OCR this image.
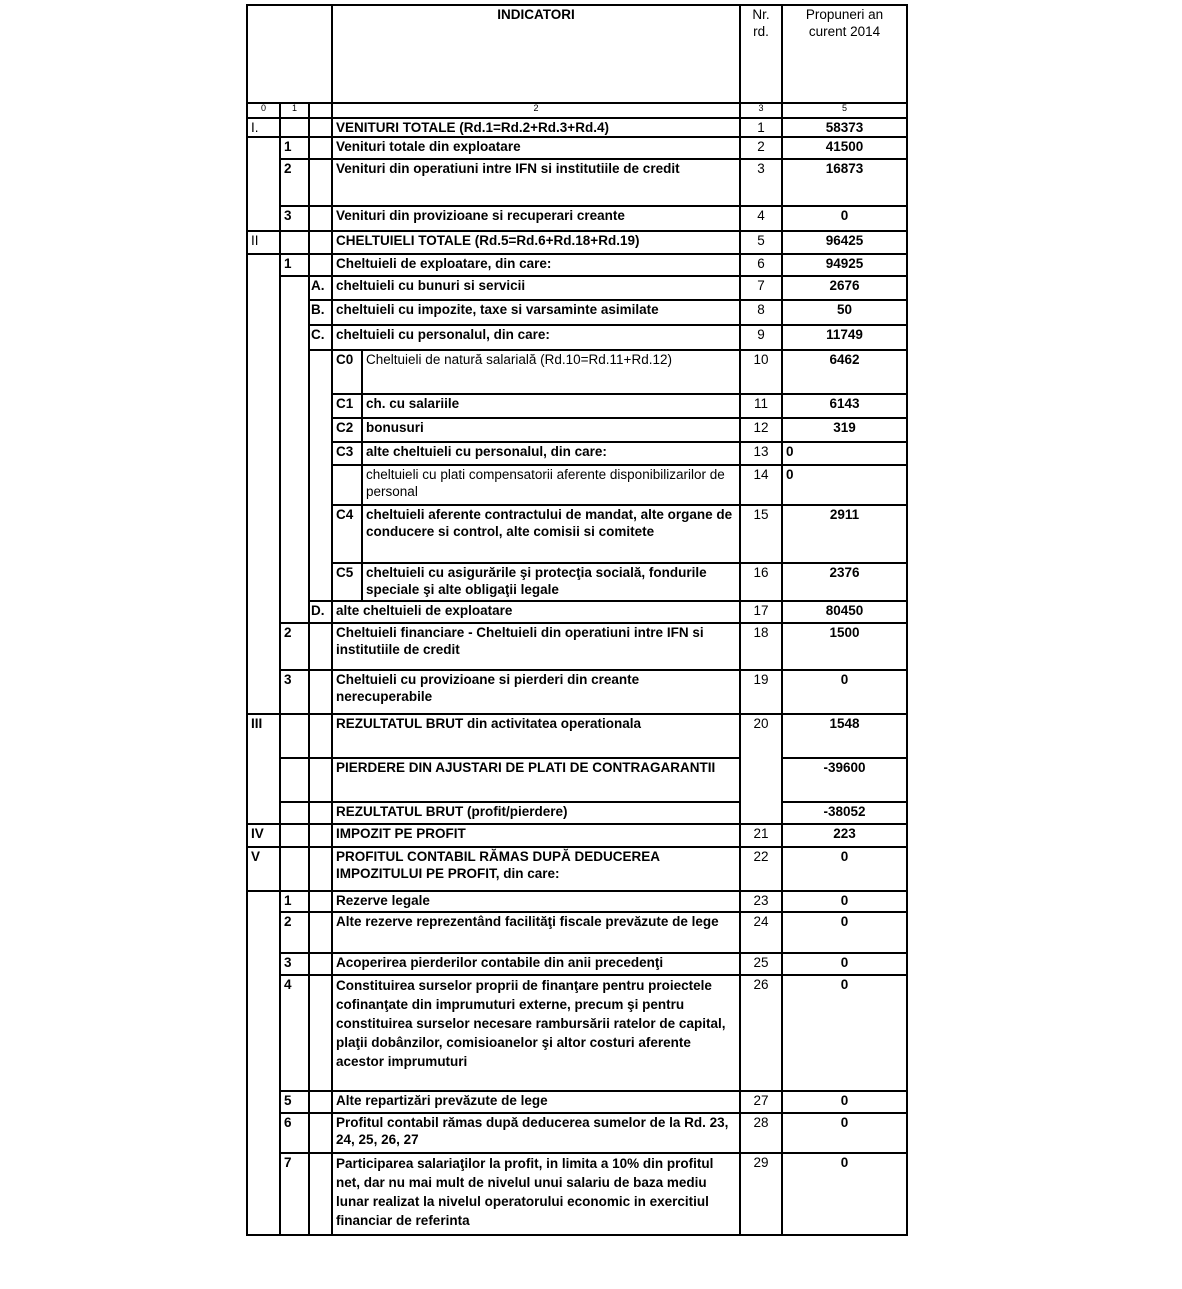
			INDICATORI		Nr. rd.	Propuneri an curent 2014
0	1		2		3	5
I.			VENITURI TOTALE (Rd.1=Rd.2+Rd.3+Rd.4)		1	58373
	1		Venituri totale din exploatare		2	41500
	2		Venituri din operatiuni intre IFN si institutiile de credit		3	16873
	3		Venituri din provizioane si recuperari creante		4	0
II			CHELTUIELI TOTALE (Rd.5=Rd.6+Rd.18+Rd.19)		5	96425
	1		Cheltuieli de exploatare, din care:		6	94925
		A.	cheltuieli cu bunuri si servicii		7	2676
		B.	cheltuieli cu impozite, taxe si varsaminte asimilate		8	50
		C.	cheltuieli cu personalul, din care:		9	11749
			C0	Cheltuieli de natură salarială (Rd.10=Rd.11+Rd.12)	10	6462
			C1	ch. cu salariile	11	6143
			C2	bonusuri	12	319
			C3	alte cheltuieli cu personalul, din care:	13	0
				cheltuieli cu plati compensatorii aferente disponibilizarilor de personal	14	0
			C4	cheltuieli aferente contractului de mandat, alte organe de conducere si control, alte comisii si comitete	15	2911
			C5	cheltuieli cu asigurările şi protecţia socială, fondurile speciale şi alte obligaţii legale	16	2376
		D.	alte cheltuieli de exploatare		17	80450
	2		Cheltuieli financiare - Cheltuieli din operatiuni intre IFN si institutiile de credit		18	1500
	3		Cheltuieli cu provizioane si pierderi din creante nerecuperabile		19	0
III			REZULTATUL BRUT din activitatea operationala		20	1548
			PIERDERE DIN AJUSTARI DE PLATI DE CONTRAGARANTII			-39600
			REZULTATUL BRUT (profit/pierdere)			-38052
IV			IMPOZIT PE PROFIT		21	223
V			PROFITUL CONTABIL RĂMAS DUPĂ DEDUCEREA IMPOZITULUI PE PROFIT, din care:		22	0
	1		Rezerve legale		23	0
	2		Alte rezerve reprezentând facilităţi fiscale prevăzute de lege		24	0
	3		Acoperirea pierderilor contabile din anii precedenţi		25	0
	4		Constituirea surselor proprii de finanţare pentru proiectele cofinanţate din imprumuturi externe, precum şi pentru constituirea surselor necesare rambursării ratelor de capital, plaţii dobânzilor, comisioanelor şi altor costuri aferente acestor imprumuturi		26	0
	5		Alte repartizări prevăzute de lege		27	0
	6		Profitul contabil rămas după deducerea sumelor de la Rd. 23, 24, 25, 26, 27		28	0
	7		Participarea salariaţilor la profit, in limita a 10% din profitul net, dar nu mai mult de nivelul unui salariu de baza mediu lunar realizat la nivelul operatorului economic in exercitiul financiar de referinta		29	0
